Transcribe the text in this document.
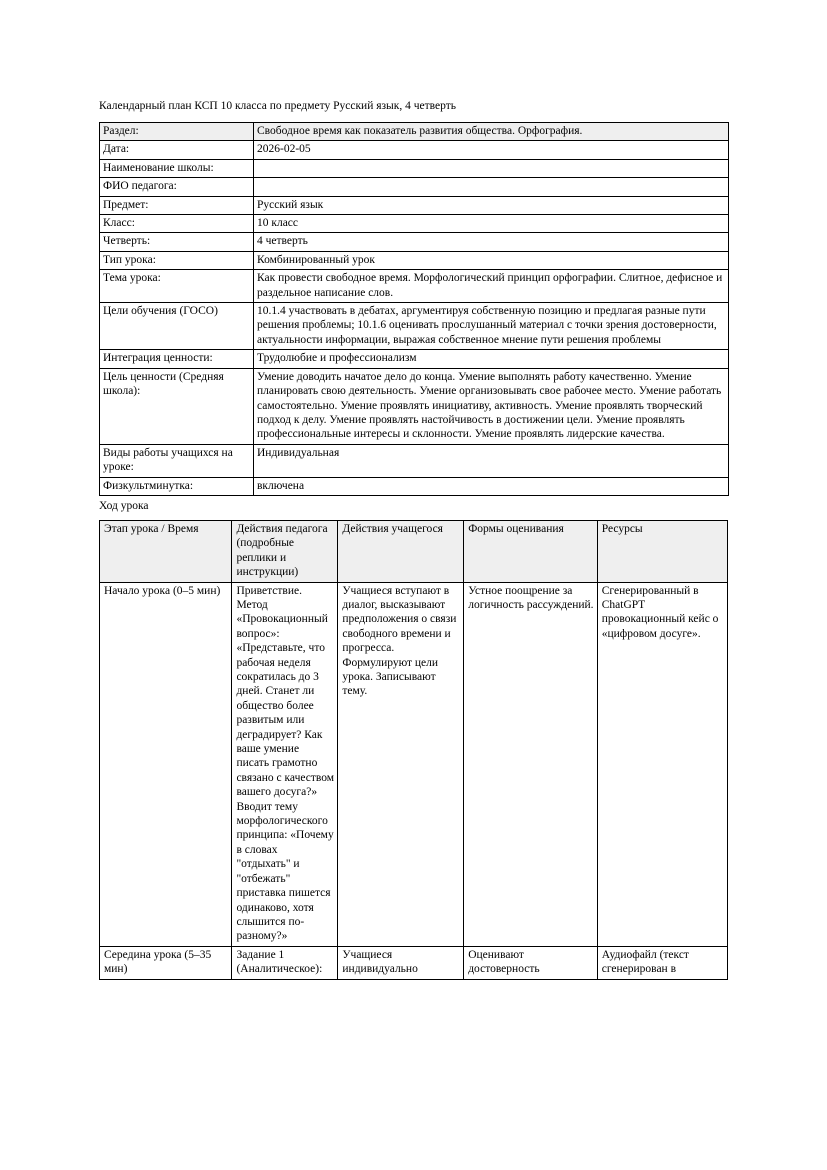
Календарный план КСП 10 класса по предмету Русский язык, 4 четверть
Раздел:	Свободное время как показатель развития общества. Орфография.
Дата:	2026-02-05
Наименование школы:	
ФИО педагога:	
Предмет:	Русский язык
Класс:	10 класс
Четверть:	4 четверть
Тип урока:	Комбинированный урок
Тема урока:	Как провести свободное время. Морфологический принцип орфографии. Слитное, дефисное и раздельное написание слов.
Цели обучения (ГОСО)	10.1.4 участвовать в дебатах, аргументируя собственную позицию и предлагая разные пути решения проблемы; 10.1.6 оценивать прослушанный материал с точки зрения достоверности, актуальности информации, выражая собственное мнение пути решения проблемы
Интеграция ценности:	Трудолюбие и профессионализм
Цель ценности (Средняя школа):	Умение доводить начатое дело до конца. Умение выполнять работу качественно. Умение планировать свою деятельность. Умение организовывать свое рабочее место. Умение работать самостоятельно. Умение проявлять инициативу, активность. Умение проявлять творческий подход к делу. Умение проявлять настойчивость в достижении цели. Умение проявлять профессиональные интересы и склонности. Умение проявлять лидерские качества.
Виды работы учащихся на уроке:	Индивидуальная
Физкультминутка:	включена
Ход урока
Этап урока / Время	Действия педагога (подробные реплики и инструкции)	Действия учащегося	Формы оценивания	Ресурсы
Начало урока (0–5 мин)	Приветствие. Метод «Провокационный вопрос»: «Представьте, что рабочая неделя сократилась до 3 дней. Станет ли общество более развитым или деградирует? Как ваше умение писать грамотно связано с качеством вашего досуга?» Вводит тему морфологического принципа: «Почему в словах "отдыхать" и "отбежать" приставка пишется одинаково, хотя слышится по-разному?»	Учащиеся вступают в диалог, высказывают предположения о связи свободного времени и прогресса. Формулируют цели урока. Записывают тему.	Устное поощрение за логичность рассуждений.	Сгенерированный в ChatGPT провокационный кейс о «цифровом досуге».
Середина урока (5–35 мин)	Задание 1 (Аналитическое):	Учащиеся индивидуально	Оценивают достоверность	Аудиофайл (текст сгенерирован в
